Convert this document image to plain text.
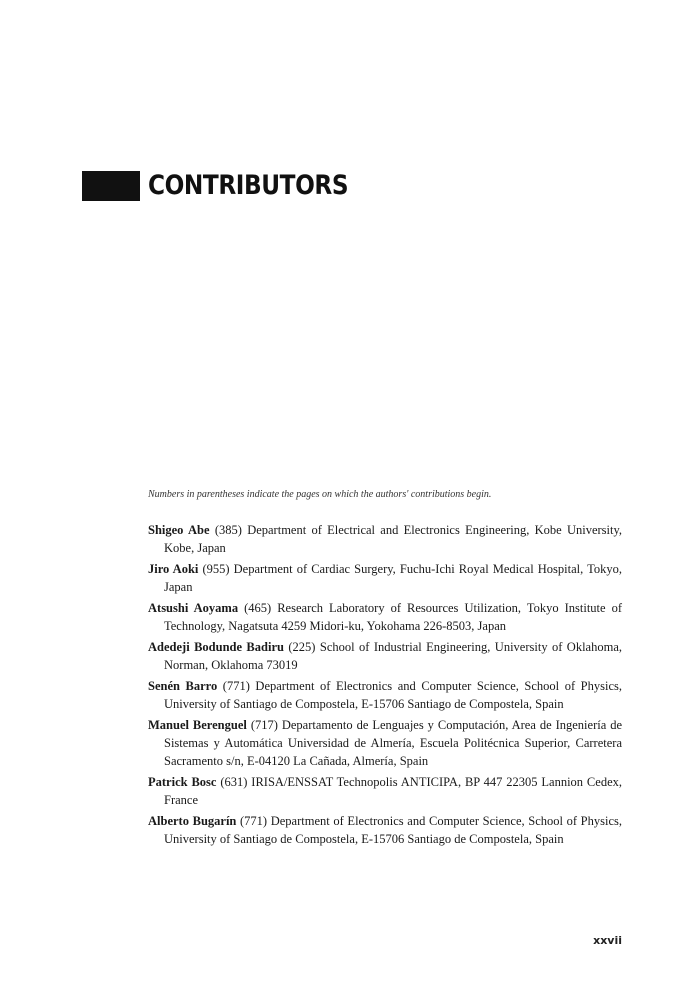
CONTRIBUTORS
Numbers in parentheses indicate the pages on which the authors' contributions begin.
Shigeo Abe (385) Department of Electrical and Electronics Engineering, Kobe University, Kobe, Japan
Jiro Aoki (955) Department of Cardiac Surgery, Fuchu-Ichi Royal Medical Hospital, Tokyo, Japan
Atsushi Aoyama (465) Research Laboratory of Resources Utilization, Tokyo Institute of Technology, Nagatsuta 4259 Midori-ku, Yokohama 226-8503, Japan
Adedeji Bodunde Badiru (225) School of Industrial Engineering, University of Oklahoma, Norman, Oklahoma 73019
Senén Barro (771) Department of Electronics and Computer Science, School of Physics, University of Santiago de Compostela, E-15706 Santiago de Compostela, Spain
Manuel Berenguel (717) Departamento de Lenguajes y Computación, Area de Ingeniería de Sistemas y Automática Universidad de Almería, Escuela Politécnica Superior, Carretera Sacramento s/n, E-04120 La Cañada, Almería, Spain
Patrick Bosc (631) IRISA/ENSSAT Technopolis ANTICIPA, BP 447 22305 Lannion Cedex, France
Alberto Bugarín (771) Department of Electronics and Computer Science, School of Physics, University of Santiago de Compostela, E-15706 Santiago de Compostela, Spain
xxvii
